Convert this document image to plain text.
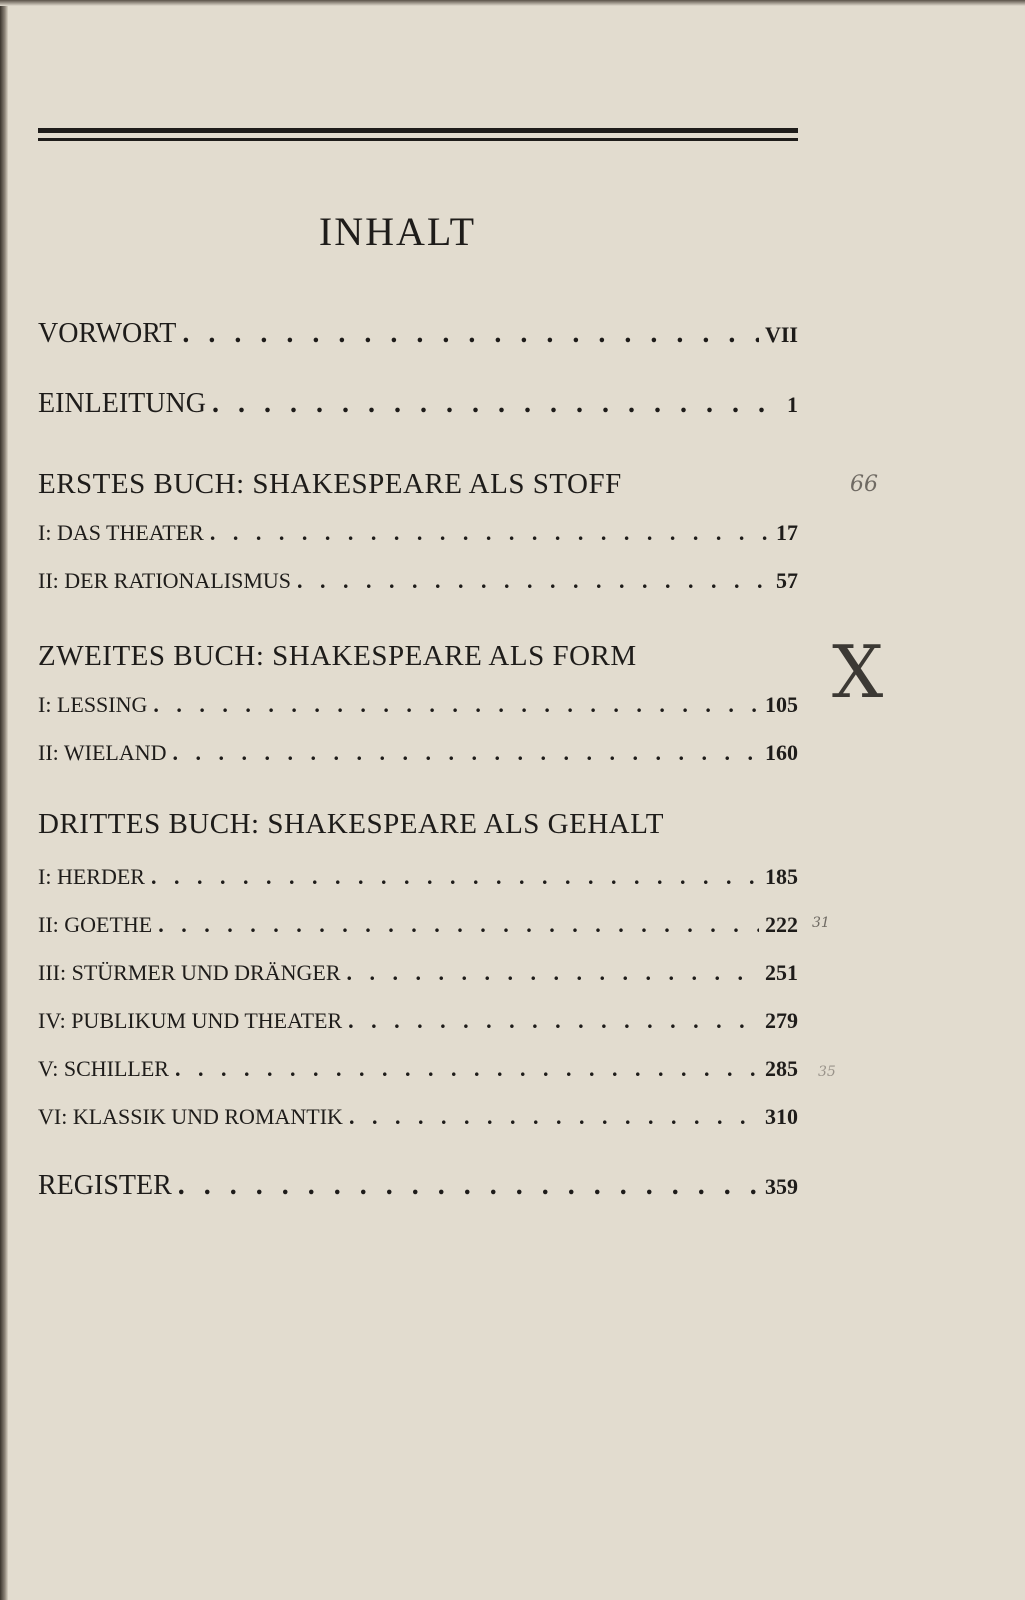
INHALT
VORWORT . . .	VII
EINLEITUNG . . .	1
ERSTES BUCH: SHAKESPEARE ALS STOFF
I: DAS THEATER . . .	17
II: DER RATIONALISMUS . . .	57
ZWEITES BUCH: SHAKESPEARE ALS FORM
I: LESSING . . .	105
II: WIELAND . . .	160
DRITTES BUCH: SHAKESPEARE ALS GEHALT
I: HERDER . . .	185
II: GOETHE . . .	222
III: STÜRMER UND DRÄNGER . . .	251
IV: PUBLIKUM UND THEATER . . .	279
V: SCHILLER . . .	285
VI: KLASSIK UND ROMANTIK . . .	310
REGISTER . . .	359
66
X
31
35
